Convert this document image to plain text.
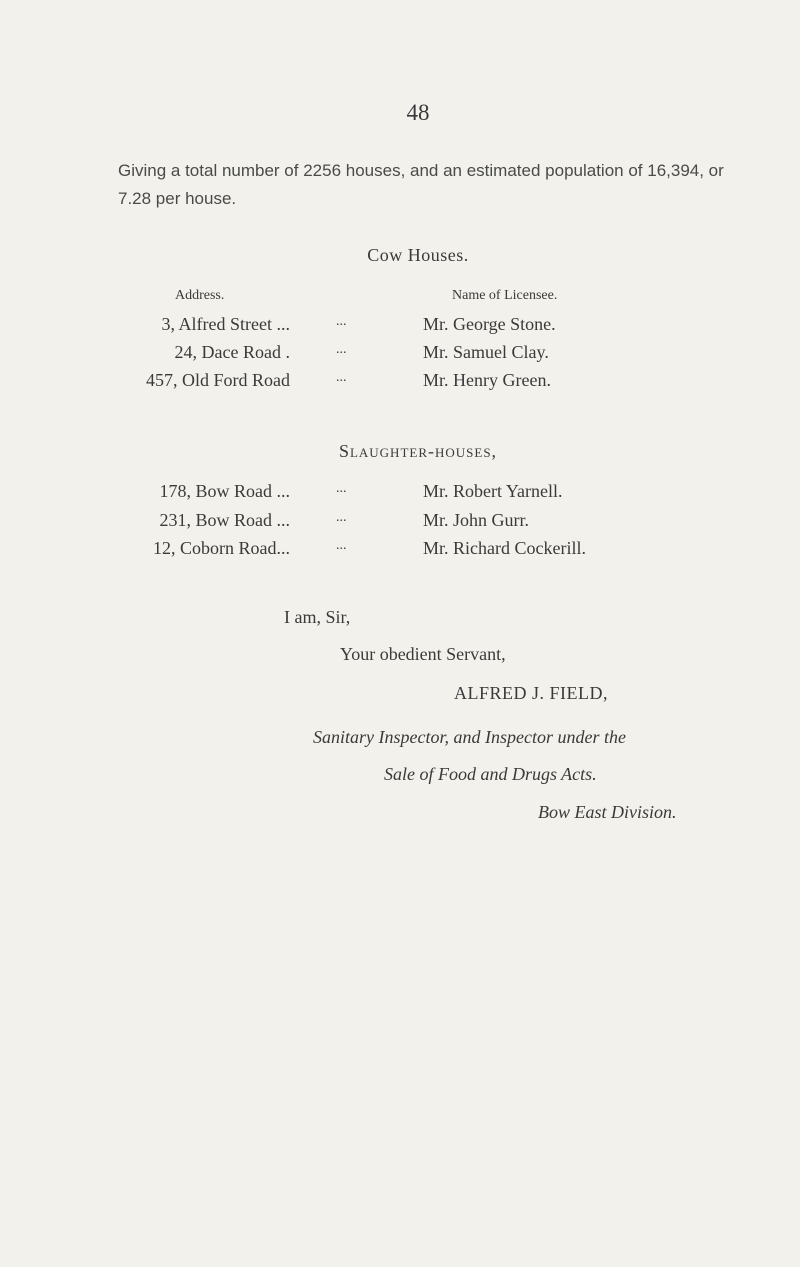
48
Giving a total number of 2256 houses, and an estimated population of 16,394, or 7.28 per house.
Cow Houses.
Address.	Name of Licensee.
3, Alfred Street ...	...	Mr. George Stone.
24, Dace Road .	...	Mr. Samuel Clay.
457, Old Ford Road	...	Mr. Henry Green.
Slaughter-houses,
178, Bow Road ...	...	Mr. Robert Yarnell.
231, Bow Road ...	...	Mr. John Gurr.
12, Coborn Road...	...	Mr. Richard Cockerill.
I am, Sir,
Your obedient Servant,
ALFRED J. FIELD,
Sanitary Inspector, and Inspector under the
Sale of Food and Drugs Acts.
Bow East Division.
